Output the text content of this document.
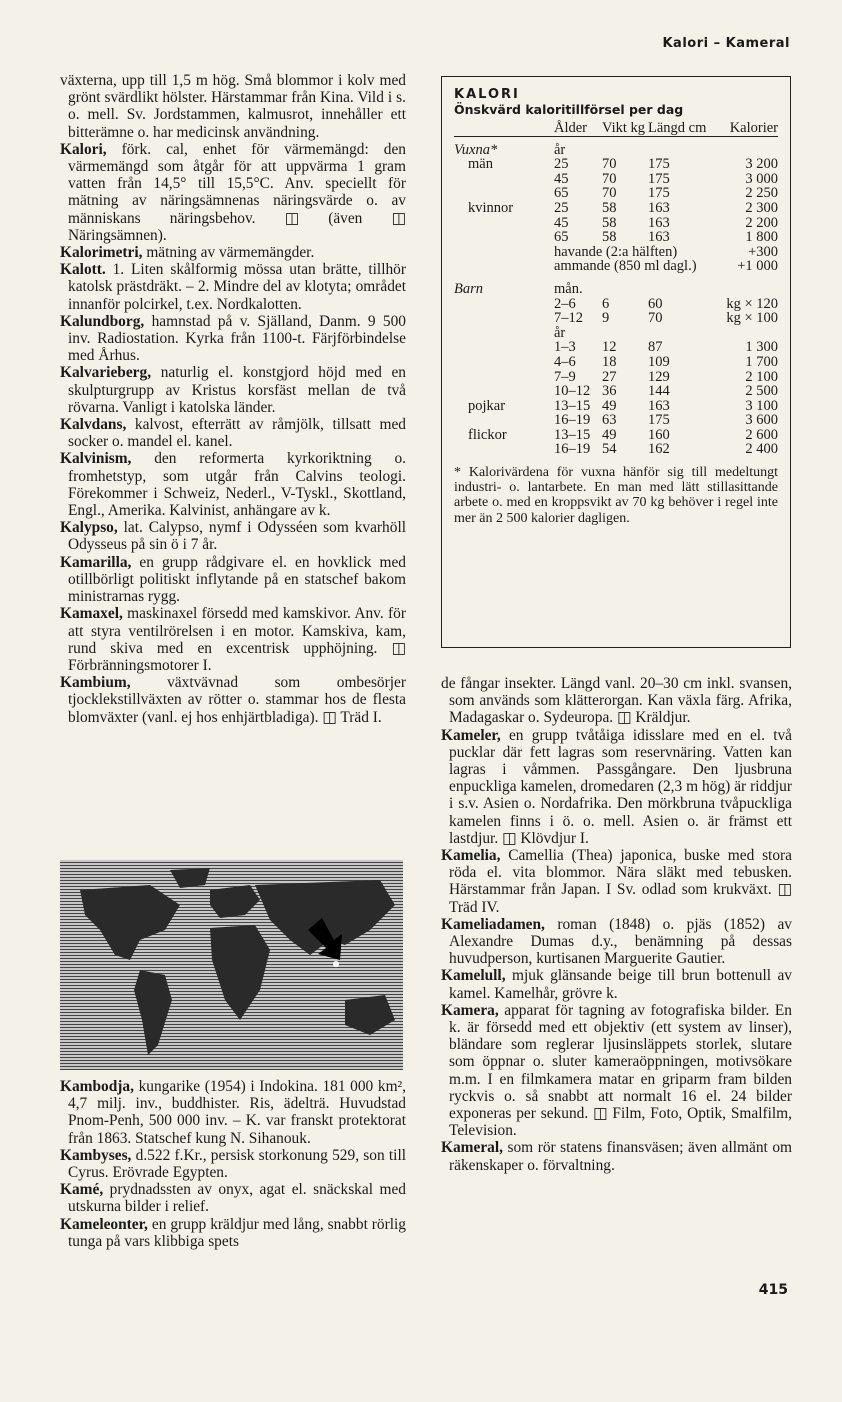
Kalori – Kameral

växterna, upp till 1,5 m hög. Små blommor i kolv med grönt svärdlikt hölster. Härstammar från Kina. Vild i s. o. mell. Sv. Jordstammen, kalmusrot, innehåller ett bitterämne o. har medicinsk användning.

Kalori, förk. cal, enhet för värmemängd: den värmemängd som åtgår för att uppvärma 1 gram vatten från 14,5° till 15,5°C. Anv. speciellt för mätning av näringsämnenas näringsvärde o. av människans näringsbehov. ◫ (även ◫ Näringsämnen).

Kalorimetri, mätning av värmemängder.

Kalott. 1. Liten skålformig mössa utan brätte, tillhör katolsk prästdräkt. – 2. Mindre del av klotyta; området innanför polcirkel, t.ex. Nordkalotten.

Kalundborg, hamnstad på v. Själland, Danm. 9 500 inv. Radiostation. Kyrka från 1100-t. Färjförbindelse med Århus.

Kalvarieberg, naturlig el. konstgjord höjd med en skulpturgrupp av Kristus korsfäst mellan de två rövarna. Vanligt i katolska länder.

Kalvdans, kalvost, efterrätt av råmjölk, tillsatt med socker o. mandel el. kanel.

Kalvinism, den reformerta kyrkoriktning o. fromhetstyp, som utgår från Calvins teologi. Förekommer i Schweiz, Nederl., V-Tyskl., Skottland, Engl., Amerika. Kalvinist, anhängare av k.

Kalypso, lat. Calypso, nymf i Odysséen som kvarhöll Odysseus på sin ö i 7 år.

Kamarilla, en grupp rådgivare el. en hovklick med otillbörligt politiskt inflytande på en statschef bakom ministrarnas rygg.

Kamaxel, maskinaxel försedd med kamskivor. Anv. för att styra ventilrörelsen i en motor. Kamskiva, kam, rund skiva med en excentrisk upphöjning. ◫ Förbränningsmotorer I.

Kambium, växtvävnad som ombesörjer tjocklekstillväxten av rötter o. stammar hos de flesta blomväxter (vanl. ej hos enhjärtbladiga). ◫ Träd I.

Kambodja, kungarike (1954) i Indokina. 181 000 km², 4,7 milj. inv., buddhister. Ris, ädelträ. Huvudstad Pnom-Penh, 500 000 inv. – K. var franskt protektorat från 1863. Statschef kung N. Sihanouk.

Kambyses, d.522 f.Kr., persisk storkonung 529, son till Cyrus. Erövrade Egypten.

Kamé, prydnadssten av onyx, agat el. snäckskal med utskurna bilder i relief.

Kameleonter, en grupp kräldjur med lång, snabbt rörlig tunga på vars klibbiga spets

KALORI

Önskvärd kaloritillförsel per dag

	Ålder	Vikt kg	Längd cm	Kalorier

Vuxna*	år			
män	25	70	175	3 200
	45	70	175	3 000
	65	70	175	2 250
kvinnor	25	58	163	2 300
	45	58	163	2 200
	65	58	163	1 800
	havande (2:a hälften)			+300
	ammande (850 ml dagl.)			+1 000

Barn	mån.			
	2–6	6	60	kg × 120
	7–12	9	70	kg × 100
	år			
	1–3	12	87	1 300
	4–6	18	109	1 700
	7–9	27	129	2 100
	10–12	36	144	2 500
pojkar	13–15	49	163	3 100
	16–19	63	175	3 600
flickor	13–15	49	160	2 600
	16–19	54	162	2 400
* Kalorivärdena för vuxna hänför sig till medeltungt industri- o. lantarbete. En man med lätt stillasittande arbete o. med en kroppsvikt av 70 kg behöver i regel inte mer än 2 500 kalorier dagligen.

de fångar insekter. Längd vanl. 20–30 cm inkl. svansen, som används som klätterorgan. Kan växla färg. Afrika, Madagaskar o. Sydeuropa. ◫ Kräldjur.

Kameler, en grupp tvåtåiga idisslare med en el. två pucklar där fett lagras som reservnäring. Vatten kan lagras i våmmen. Passgångare. Den ljusbruna enpuckliga kamelen, dromedaren (2,3 m hög) är riddjur i s.v. Asien o. Nordafrika. Den mörkbruna tvåpuckliga kamelen finns i ö. o. mell. Asien o. är främst ett lastdjur. ◫ Klövdjur I.

Kamelia, Camellia (Thea) japonica, buske med stora röda el. vita blommor. Nära släkt med tebusken. Härstammar från Japan. I Sv. odlad som krukväxt. ◫ Träd IV.

Kameliadamen, roman (1848) o. pjäs (1852) av Alexandre Dumas d.y., benämning på dessas huvudperson, kurtisanen Marguerite Gautier.

Kamelull, mjuk glänsande beige till brun bottenull av kamel. Kamelhår, grövre k.

Kamera, apparat för tagning av fotografiska bilder. En k. är försedd med ett objektiv (ett system av linser), bländare som reglerar ljusinsläppets storlek, slutare som öppnar o. sluter kameraöppningen, motivsökare m.m. I en filmkamera matar en griparm fram bilden ryckvis o. så snabbt att normalt 16 el. 24 bilder exponeras per sekund. ◫ Film, Foto, Optik, Smalfilm, Television.

Kameral, som rör statens finansväsen; även allmänt om räkenskaper o. förvaltning.

415
